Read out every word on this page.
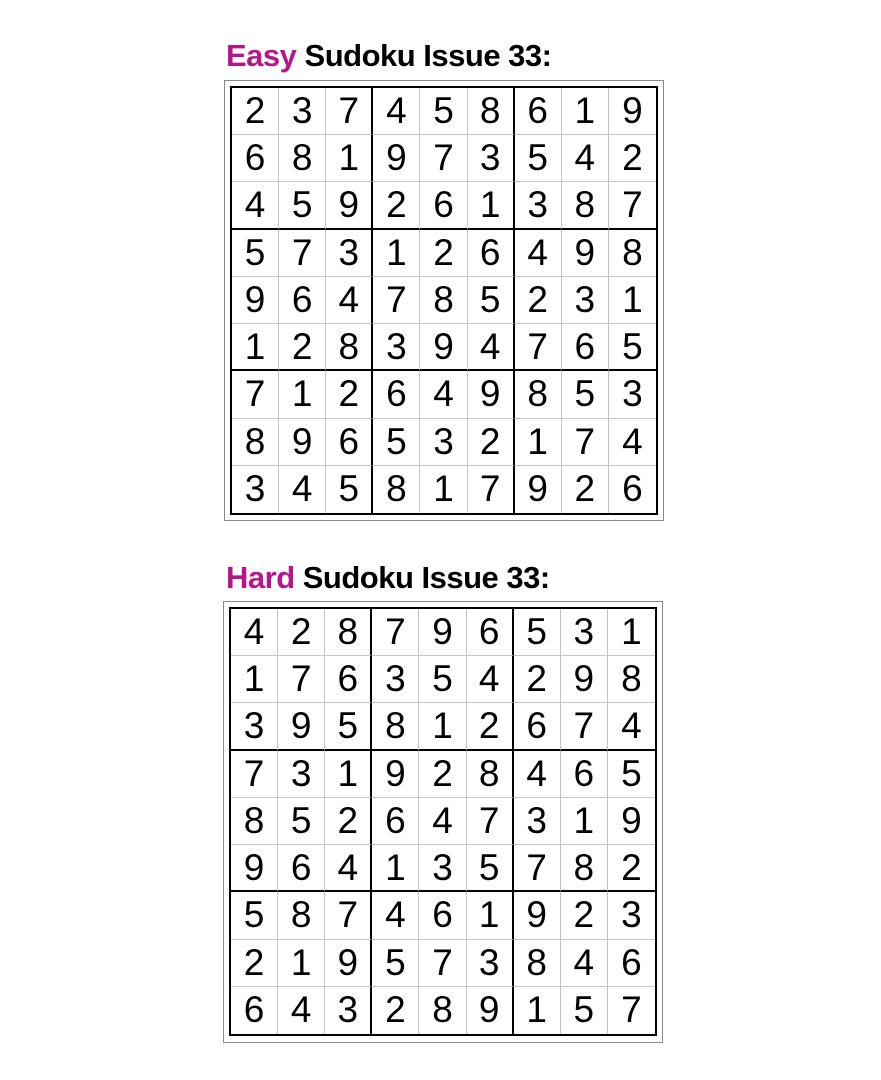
Easy Sudoku Issue 33:
2 3 7 4 5 8 6 1 9
6 8 1 9 7 3 5 4 2
4 5 9 2 6 1 3 8 7
5 7 3 1 2 6 4 9 8
9 6 4 7 8 5 2 3 1
1 2 8 3 9 4 7 6 5
7 1 2 6 4 9 8 5 3
8 9 6 5 3 2 1 7 4
3 4 5 8 1 7 9 2 6
Hard Sudoku Issue 33:
4 2 8 7 9 6 5 3 1
1 7 6 3 5 4 2 9 8
3 9 5 8 1 2 6 7 4
7 3 1 9 2 8 4 6 5
8 5 2 6 4 7 3 1 9
9 6 4 1 3 5 7 8 2
5 8 7 4 6 1 9 2 3
2 1 9 5 7 3 8 4 6
6 4 3 2 8 9 1 5 7
